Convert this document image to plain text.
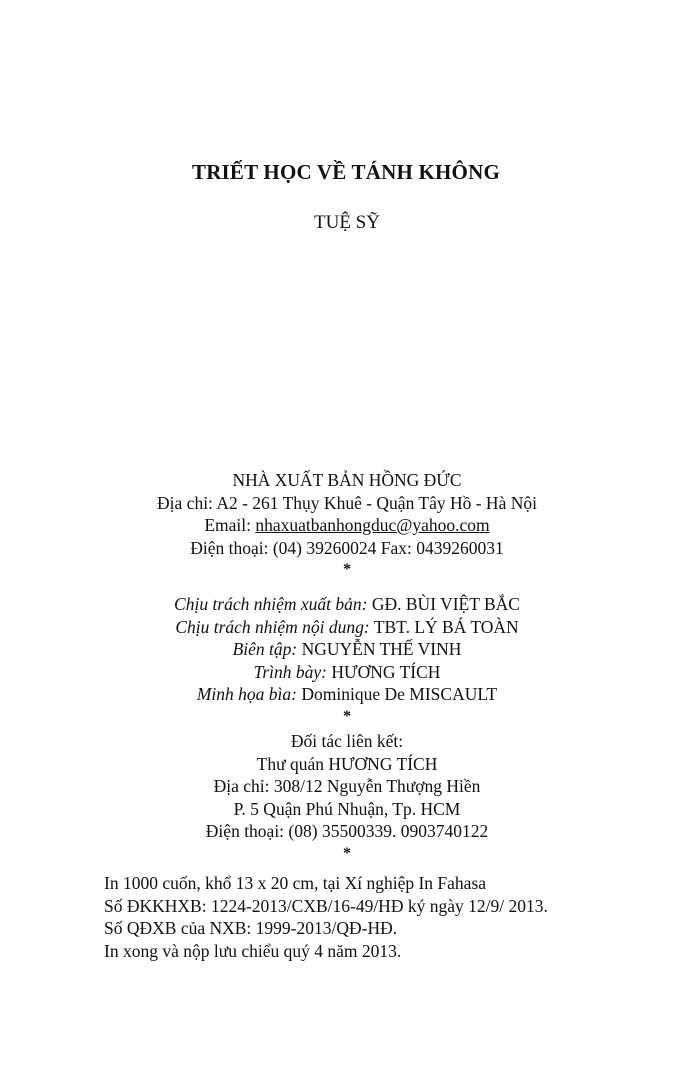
TRIẾT HỌC VỀ TÁNH KHÔNG
TUỆ SỸ
NHÀ XUẤT BẢN HỒNG ĐỨC
Địa chỉ: A2 - 261 Thụy Khuê - Quận Tây Hồ - Hà Nội
Email: nhaxuatbanhongduc@yahoo.com
Điện thoại: (04) 39260024 Fax: 0439260031
*
Chịu trách nhiệm xuất bản: GĐ. BÙI VIỆT BẮC
Chịu trách nhiệm nội dung: TBT. LÝ BÁ TOÀN
Biên tập: NGUYỄN THẾ VINH
Trình bày: HƯƠNG TÍCH
Minh họa bìa: Dominique De MISCAULT
*
Đối tác liên kết:
Thư quán HƯƠNG TÍCH
Địa chỉ: 308/12 Nguyễn Thượng Hiền
P. 5 Quận Phú Nhuận, Tp. HCM
Điện thoại: (08) 35500339. 0903740122
*
In 1000 cuốn, khổ 13 x 20 cm, tại Xí nghiệp In Fahasa
Số ĐKKHXB: 1224-2013/CXB/16-49/HĐ ký ngày 12/9/ 2013.
Số QĐXB của NXB: 1999-2013/QĐ-HĐ.
In xong và nộp lưu chiểu quý 4 năm 2013.
